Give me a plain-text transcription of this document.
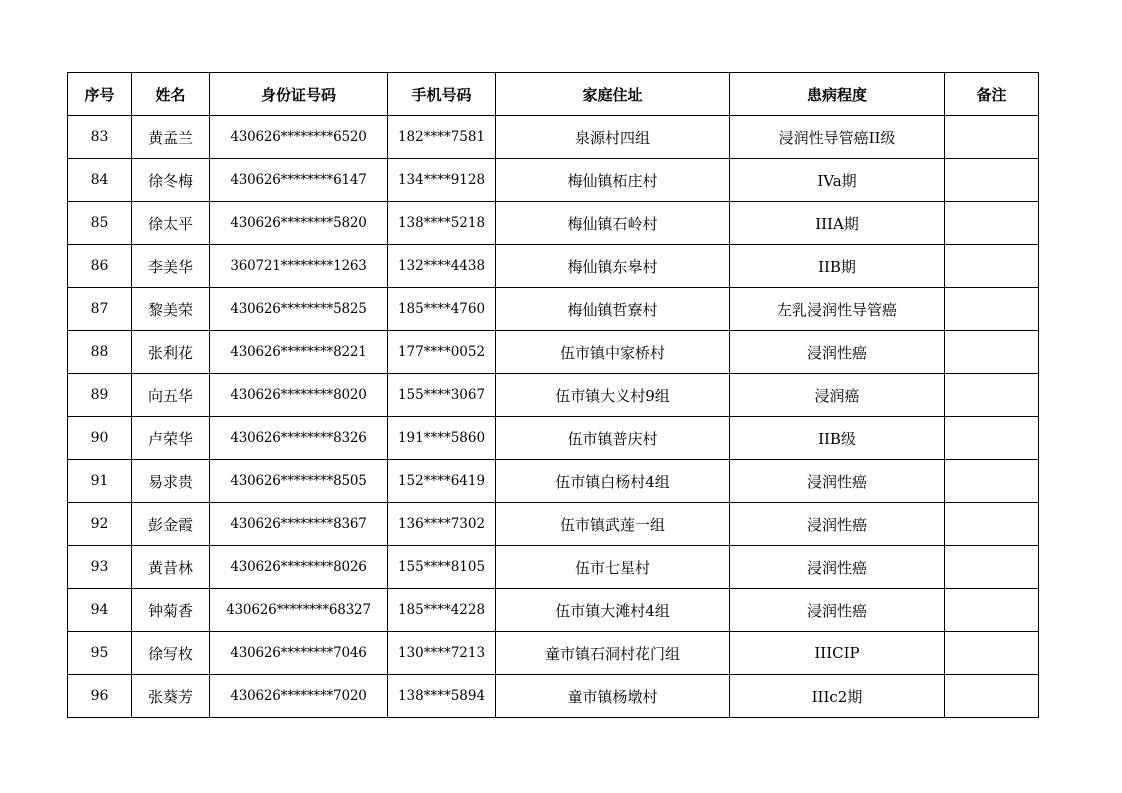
序号	姓名	身份证号码	手机号码	家庭住址	患病程度	备注
83	黄孟兰	430626********6520	182****7581	泉源村四组	浸润性导管癌II级	
84	徐冬梅	430626********6147	134****9128	梅仙镇柘庄村	IVa期	
85	徐太平	430626********5820	138****5218	梅仙镇石岭村	IIIA期	
86	李美华	360721********1263	132****4438	梅仙镇东皋村	IIB期	
87	黎美荣	430626********5825	185****4760	梅仙镇哲寮村	左乳浸润性导管癌	
88	张利花	430626********8221	177****0052	伍市镇中家桥村	浸润性癌	
89	向五华	430626********8020	155****3067	伍市镇大义村9组	浸润癌	
90	卢荣华	430626********8326	191****5860	伍市镇普庆村	IIB级	
91	易求贵	430626********8505	152****6419	伍市镇白杨村4组	浸润性癌	
92	彭金霞	430626********8367	136****7302	伍市镇武莲一组	浸润性癌	
93	黄昔林	430626********8026	155****8105	伍市七星村	浸润性癌	
94	钟菊香	430626********68327	185****4228	伍市镇大滩村4组	浸润性癌	
95	徐写枚	430626********7046	130****7213	童市镇石洞村花门组	IIICIP	
96	张葵芳	430626********7020	138****5894	童市镇杨墩村	IIIc2期	
